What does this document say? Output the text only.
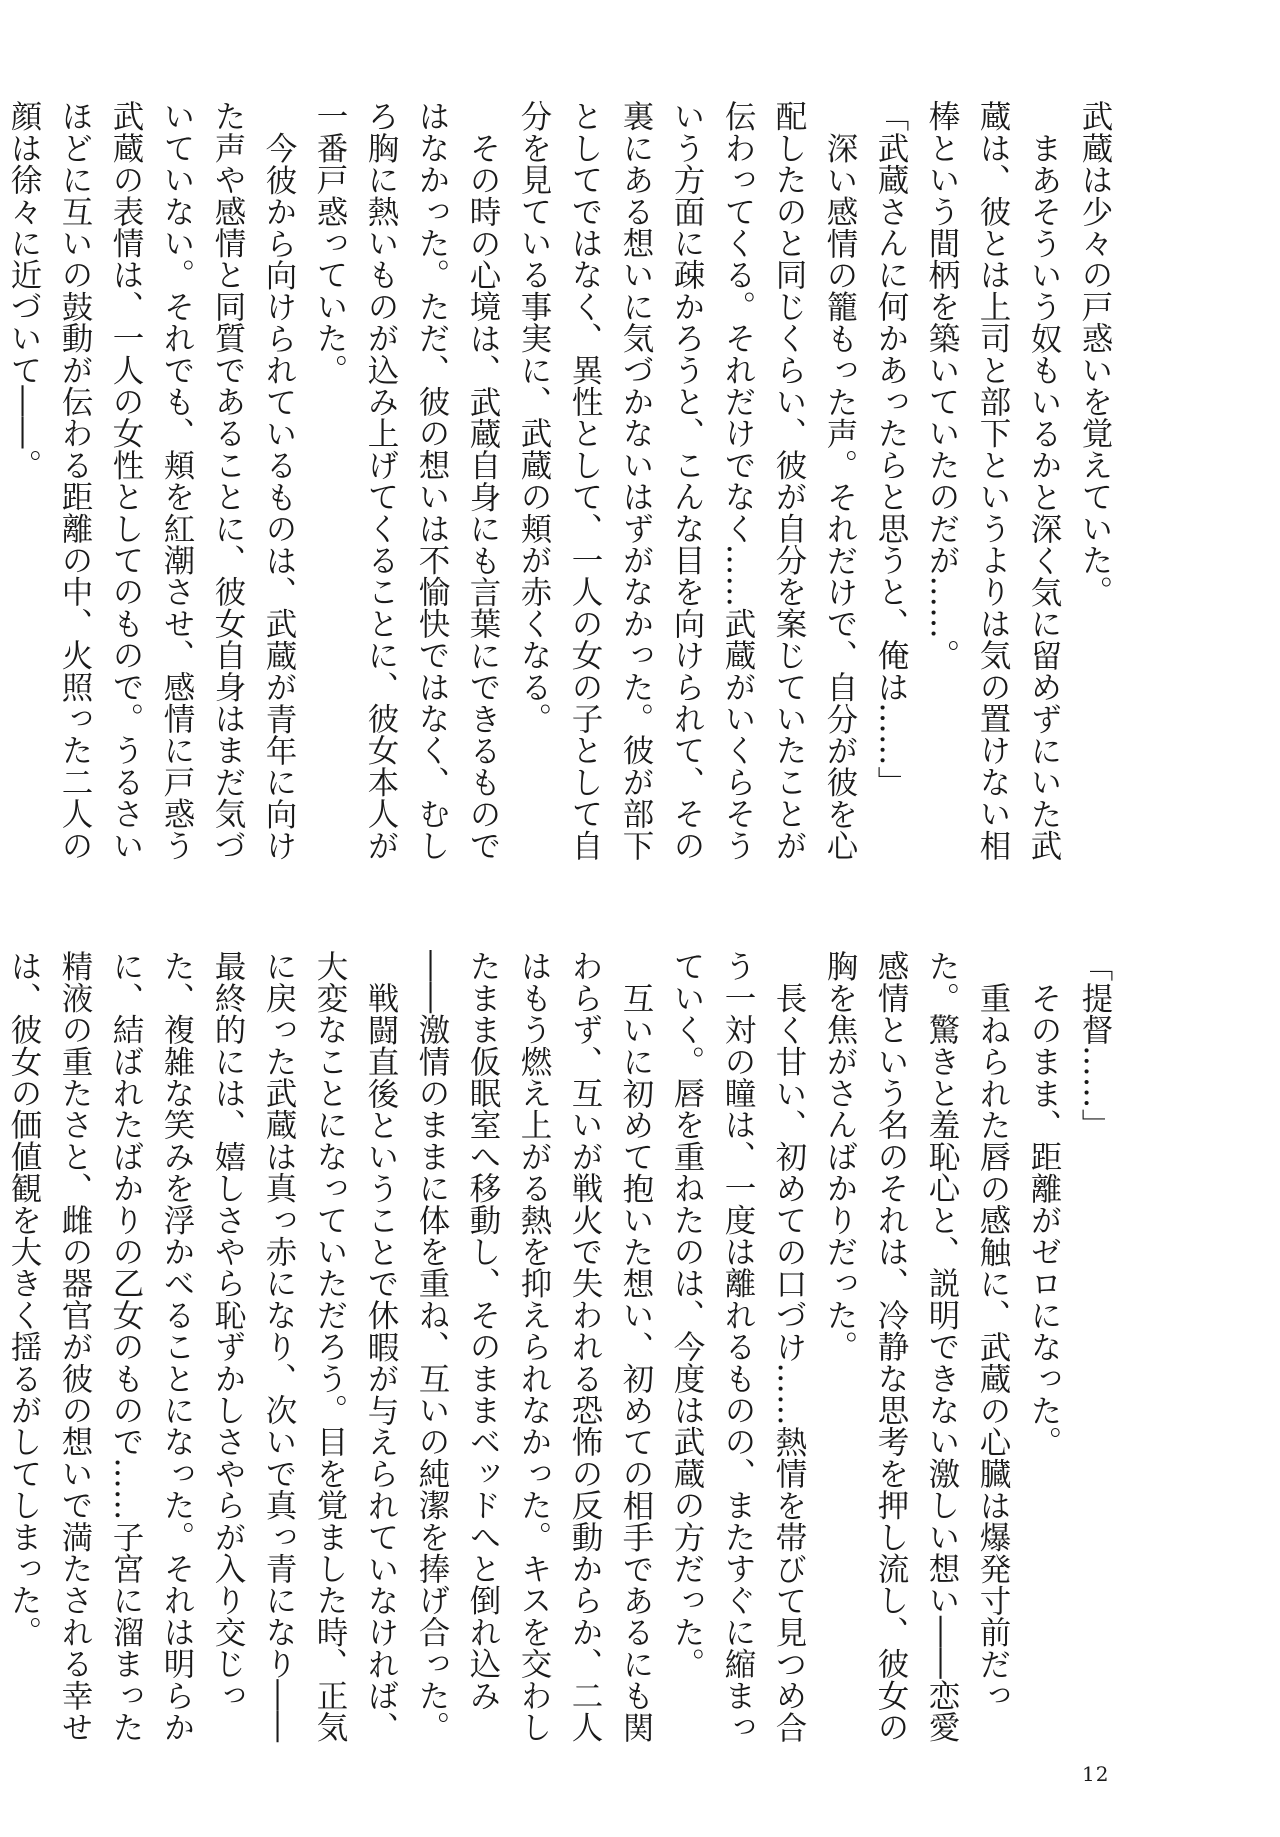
武蔵は少々の戸惑いを覚えていた。

まあそういう奴もいるかと深く気に留めずにいた武蔵は、彼とは上司と部下というよりは気の置けない相棒という間柄を築いていたのだが……。

「武蔵さんに何かあったらと思うと、俺は……」

深い感情の籠もった声。それだけで、自分が彼を心配したのと同じくらい、彼が自分を案じていたことが伝わってくる。それだけでなく……武蔵がいくらそういう方面に疎かろうと、こんな目を向けられて、その裏にある想いに気づかないはずがなかった。彼が部下としてではなく、異性として、一人の女の子として自分を見ている事実に、武蔵の頬が赤くなる。

その時の心境は、武蔵自身にも言葉にできるものではなかった。ただ、彼の想いは不愉快ではなく、むしろ胸に熱いものが込み上げてくることに、彼女本人が一番戸惑っていた。

今彼から向けられているものは、武蔵が青年に向けた声や感情と同質であることに、彼女自身はまだ気づいていない。それでも、頬を紅潮させ、感情に戸惑う武蔵の表情は、一人の女性としてのもので。うるさいほどに互いの鼓動が伝わる距離の中、火照った二人の顔は徐々に近づいて――。

「提督……」

そのまま、距離がゼロになった。

重ねられた唇の感触に、武蔵の心臓は爆発寸前だった。驚きと羞恥心と、説明できない激しい想い――恋愛感情という名のそれは、冷静な思考を押し流し、彼女の胸を焦がさんばかりだった。

長く甘い、初めての口づけ……熱情を帯びて見つめ合う一対の瞳は、一度は離れるものの、またすぐに縮まっていく。唇を重ねたのは、今度は武蔵の方だった。

互いに初めて抱いた想い、初めての相手であるにも関わらず、互いが戦火で失われる恐怖の反動からか、二人はもう燃え上がる熱を抑えられなかった。キスを交わしたまま仮眠室へ移動し、そのままベッドへと倒れ込み――激情のままに体を重ね、互いの純潔を捧げ合った。

戦闘直後ということで休暇が与えられていなければ、大変なことになっていただろう。目を覚ました時、正気に戻った武蔵は真っ赤になり、次いで真っ青になり――最終的には、嬉しさやら恥ずかしさやらが入り交じった、複雑な笑みを浮かべることになった。それは明らかに、結ばれたばかりの乙女のもので……子宮に溜まった精液の重たさと、雌の器官が彼の想いで満たされる幸せは、彼女の価値観を大きく揺るがしてしまった。

12
